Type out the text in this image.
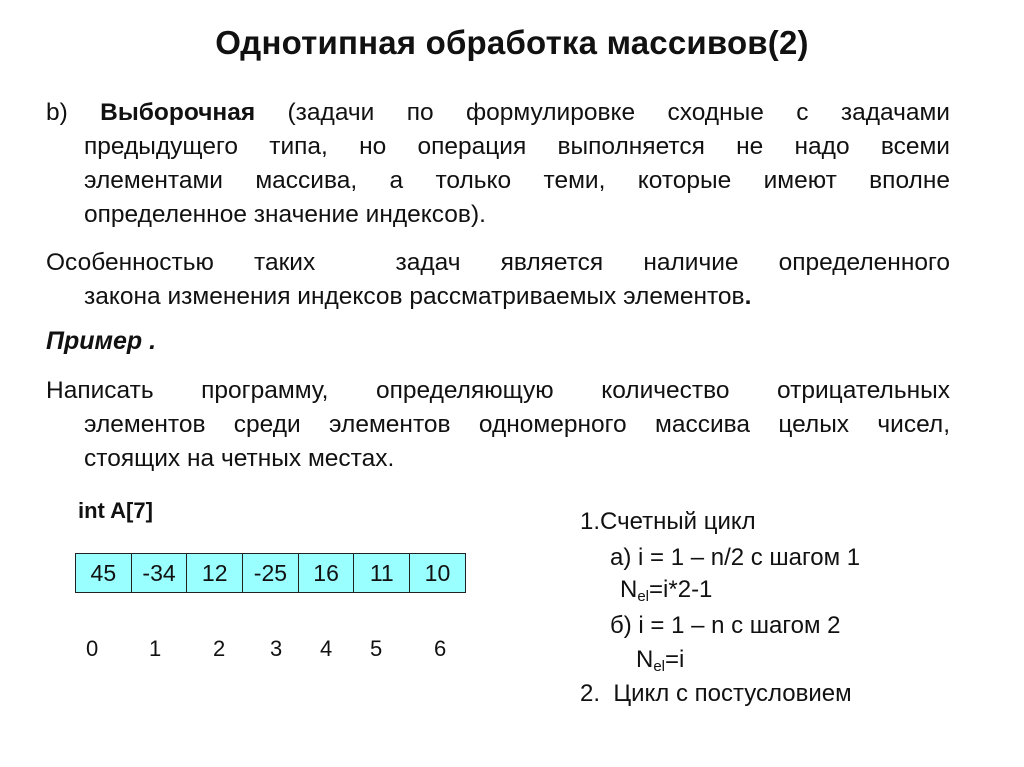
Однотипная обработка массивов(2)
b) Выборочная (задачи по формулировке сходные с задачами
предыдущего типа, но операция выполняется не надо всеми
элементами массива, а только теми, которые имеют вполне
определенное значение индексов).
Особенностью таких  задач является наличие определенного
закона изменения индексов рассматриваемых элементов.
Пример .
Написать программу, определяющую количество отрицательных
элементов среди элементов одномерного массива целых чисел,
стоящих на четных местах.
int A[7]
45	-34	12	-25	16	11	10
0 1 2 3 4 5 6
1.Счетный цикл
а) i = 1 – n/2 с шагом 1
$N_{el}=i*2-1$
б) i = 1 – n с шагом 2
$N_{el}=i$
2.  Цикл с постусловием
